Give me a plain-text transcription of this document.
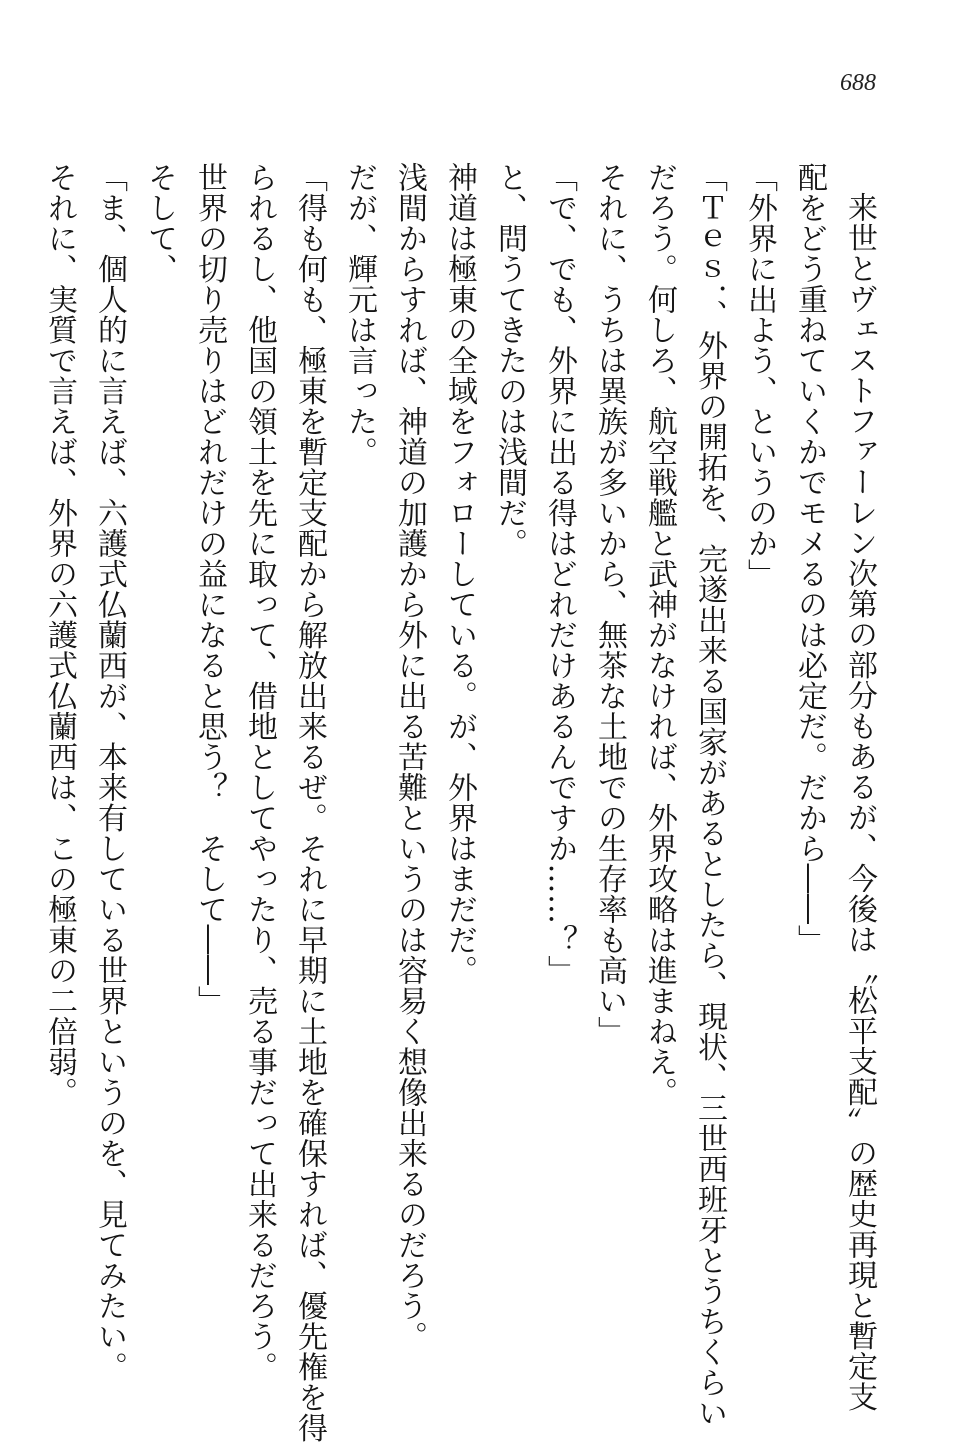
688
来世とヴェストファーレン次第の部分もあるが、今後は〝松平支配〟の歴史再現と暫定支
配をどう重ねていくかでモメるのは必定だ。だから――」
「外界に出よう、というのか」
「Ｔｅｓ．、外界の開拓を、完遂出来る国家があるとしたら、現状、三世西班牙とうちくらい
だろう。何しろ、航空戦艦と武神がなければ、外界攻略は進まねえ。
それに、うちは異族が多いから、無茶な土地での生存率も高い」
「で、でも、外界に出る得はどれだけあるんですか……？」
と、問うてきたのは浅間だ。
神道は極東の全域をフォローしている。が、外界はまだだ。
浅間からすれば、神道の加護から外に出る苦難というのは容易く想像出来るのだろう。
だが、輝元は言った。
「得も何も、極東を暫定支配から解放出来るぜ。それに早期に土地を確保すれば、優先権を得
られるし、他国の領土を先に取って、借地としてやったり、売る事だって出来るだろう。
世界の切り売りはどれだけの益になると思う？　そして――」
そして、
「ま、個人的に言えば、六護式仏蘭西が、本来有している世界というのを、見てみたい。
それに、実質で言えば、外界の六護式仏蘭西は、この極東の二倍弱。
